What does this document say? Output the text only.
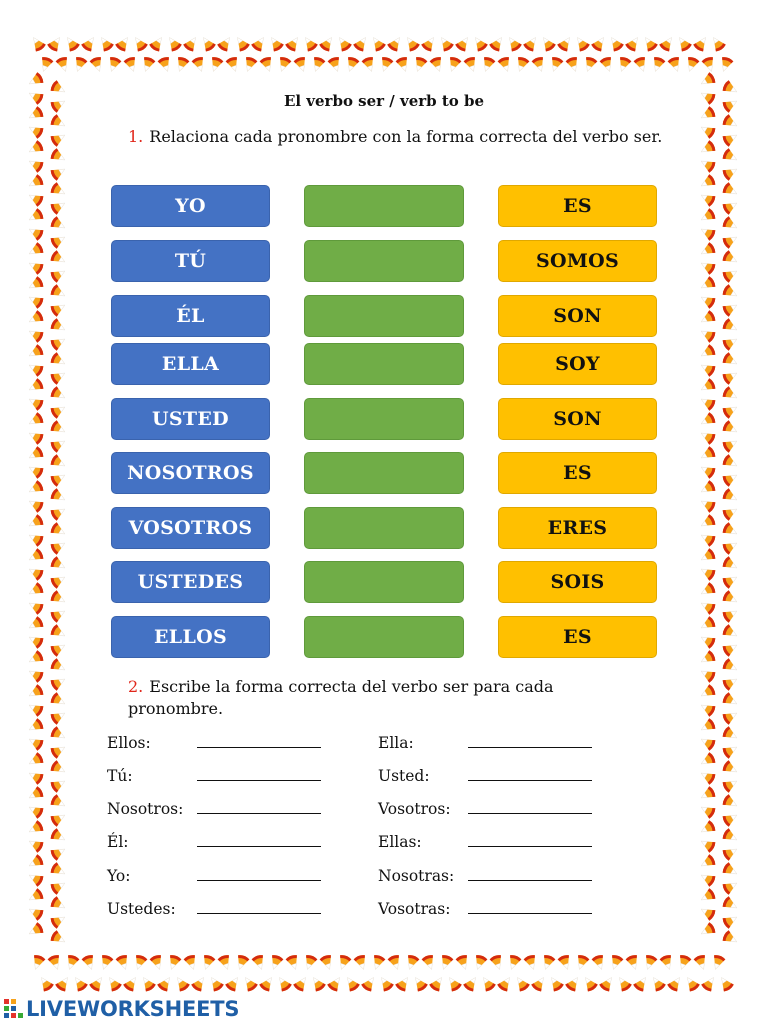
El verbo ser / verb to be
1. Relaciona cada pronombre con la forma correcta del verbo ser.
YO
TÚ
ÉL
ELLA
USTED
NOSOTROS
VOSOTROS
USTEDES
ELLOS
ES
SOMOS
SON
SOY
SON
ES
ERES
SOIS
ES
2. Escribe la forma correcta del verbo ser para cada pronombre.
Ellos:
Tú:
Nosotros:
Él:
Yo:
Ustedes:
Ella:
Usted:
Vosotros:
Ellas:
Nosotras:
Vosotras:
LIVEWORKSHEETS
